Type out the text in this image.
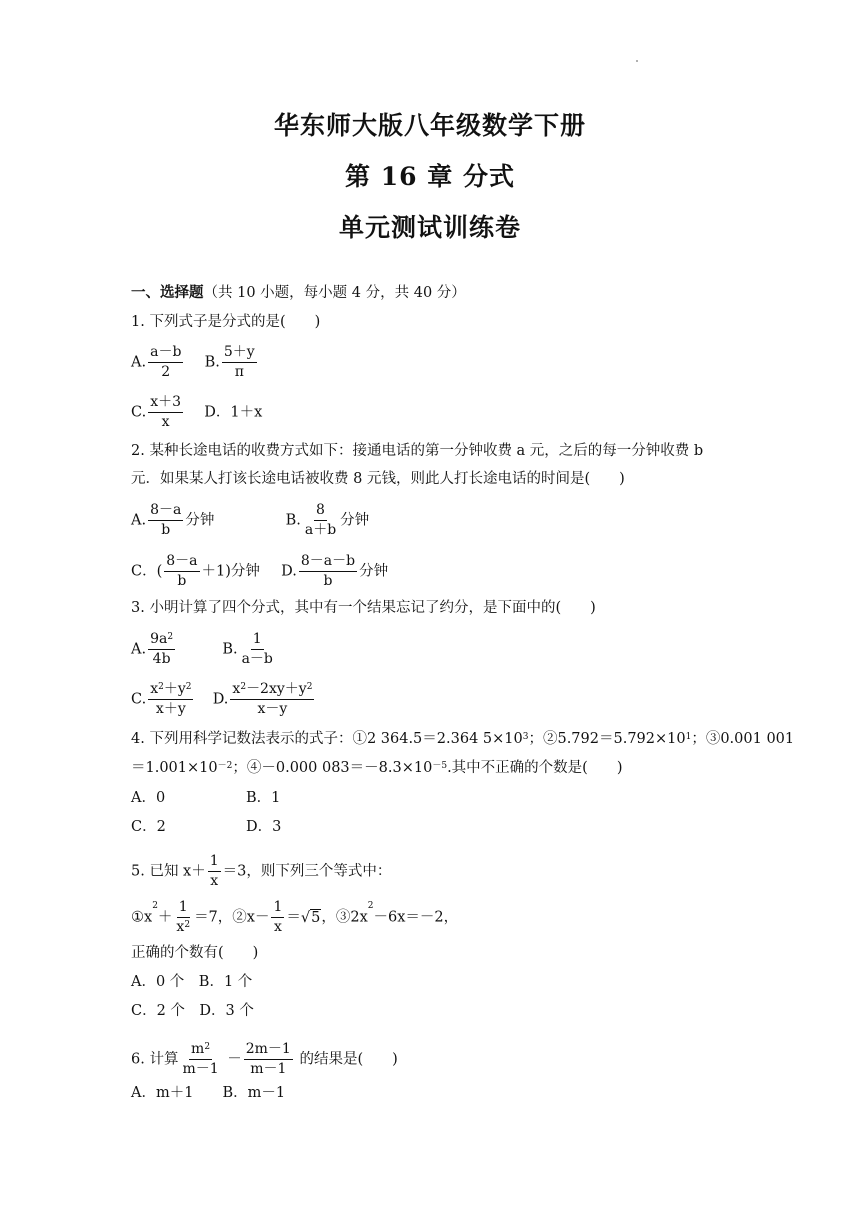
华东师大版八年级数学下册
第 16 章 分式
单元测试训练卷
一、选择题（共 10 小题，每小题 4 分，共 40 分）
1. 下列式子是分式的是(　　)
A. $\frac{a-b}{2} B$. $\frac{5+y}{\pi}$
C. $\frac{x+3}{x}$ D．1＋x
2. 某种长途电话的收费方式如下：接通电话的第一分钟收费 a 元，之后的每一分钟收费 b
元．如果某人打该长途电话被收费 8 元钱，则此人打长途电话的时间是(　　)
A. $\frac{8-a}{b}$ 分钟	B. $\frac{8}{a+b}$ 分钟
C．( $\frac{8-a}{b} +1$)分钟 D. $\frac{8-a-b}{b}$ 分钟
3. 小明计算了四个分式，其中有一个结果忘记了约分，是下面中的(　　)
A. $\frac{9a^2}{4b}$	B. $\frac{1}{a-b}$
C. $\frac{x^2+y^2}{x+y} D$. $\frac{x^2-2xy+y^2}{x-y}$
4. 下列用科学记数法表示的式子：①2 364.5＝2.364 $5\times 10^3$；$②5.792=5.792\times 10^1$；③0.001 001
$=1.001\times 10^{-2}$；④－0.000 $083=-8.3\times 10^{-5}$.其中不正确的个数是(　　)
A．0	B．1
C．2	D．3
5. 已知 $x+ \frac{1}{x} =3$，则下列三个等式中：
$①x^2+ \frac{1}{x^2} =7$，②x－ $\frac{1}{x} =√5$，$③2x^2-6x=-2$，
正确的个数有(　　)
A．0 个　B．1 个
C．2 个　D．3 个
6. 计算 $\frac{m^2}{m-1} - \frac{2m-1}{m-1}$ 的结果是(　　)
A．m＋1　　B．m－1
